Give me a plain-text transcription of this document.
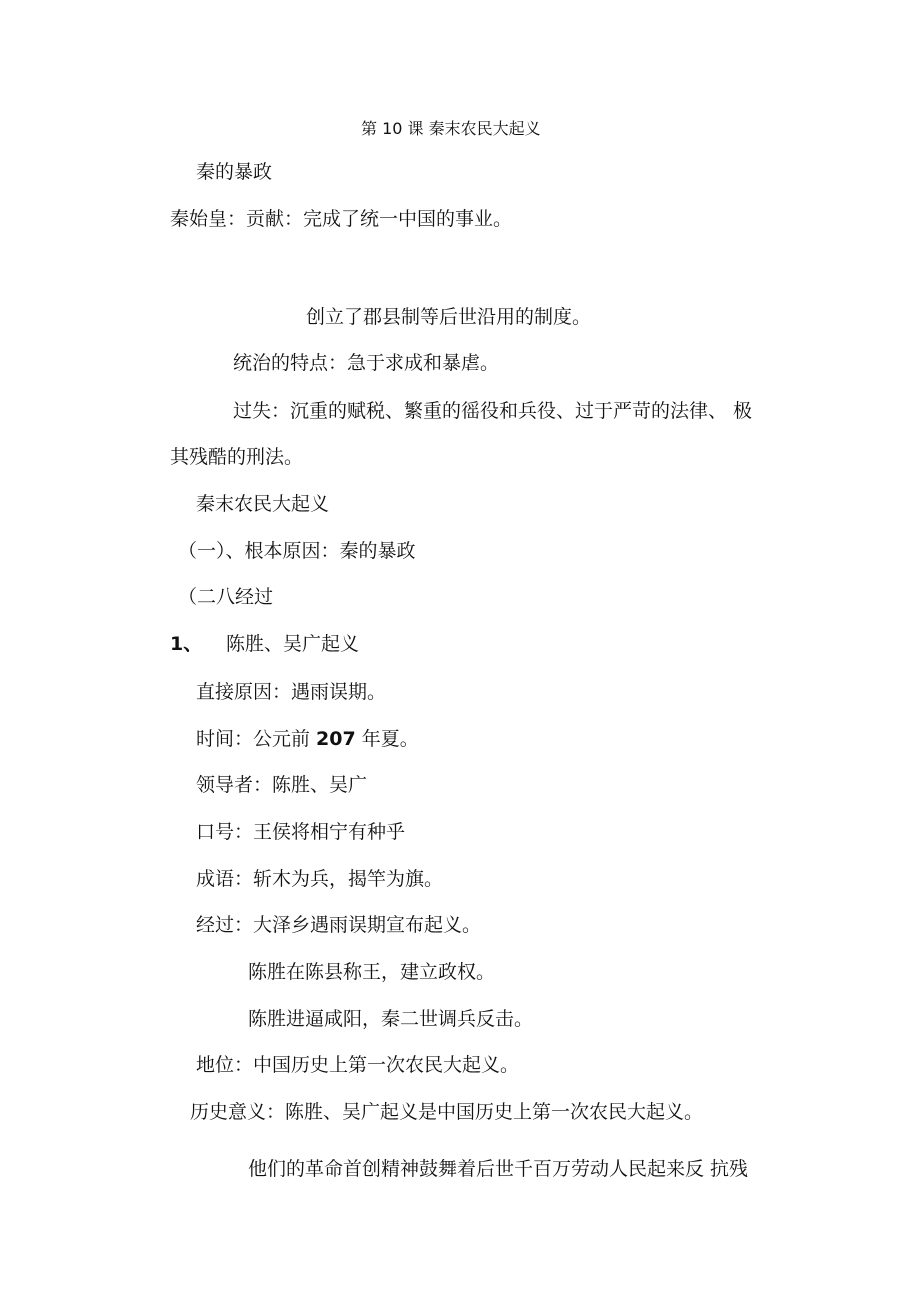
第 10 课 秦末农民大起义
秦的暴政
秦始皇：贡献：完成了统一中国的事业。
创立了郡县制等后世沿用的制度。
统治的特点：急于求成和暴虐。
过失：沉重的赋税、繁重的徭役和兵役、过于严苛的法律、 极
其残酷的刑法。
秦末农民大起义
（一）、根本原因：秦的暴政
（二八经过
1、 陈胜、吴广起义
直接原因：遇雨误期。
时间：公元前 207 年夏。
领导者：陈胜、吴广
口号：王侯将相宁有种乎
成语：斩木为兵，揭竿为旗。
经过：大泽乡遇雨误期宣布起义。
陈胜在陈县称王，建立政权。
陈胜进逼咸阳，秦二世调兵反击。
地位：中国历史上第一次农民大起义。
历史意义：陈胜、吴广起义是中国历史上第一次农民大起义。
他们的革命首创精神鼓舞着后世千百万劳动人民起来反 抗残
